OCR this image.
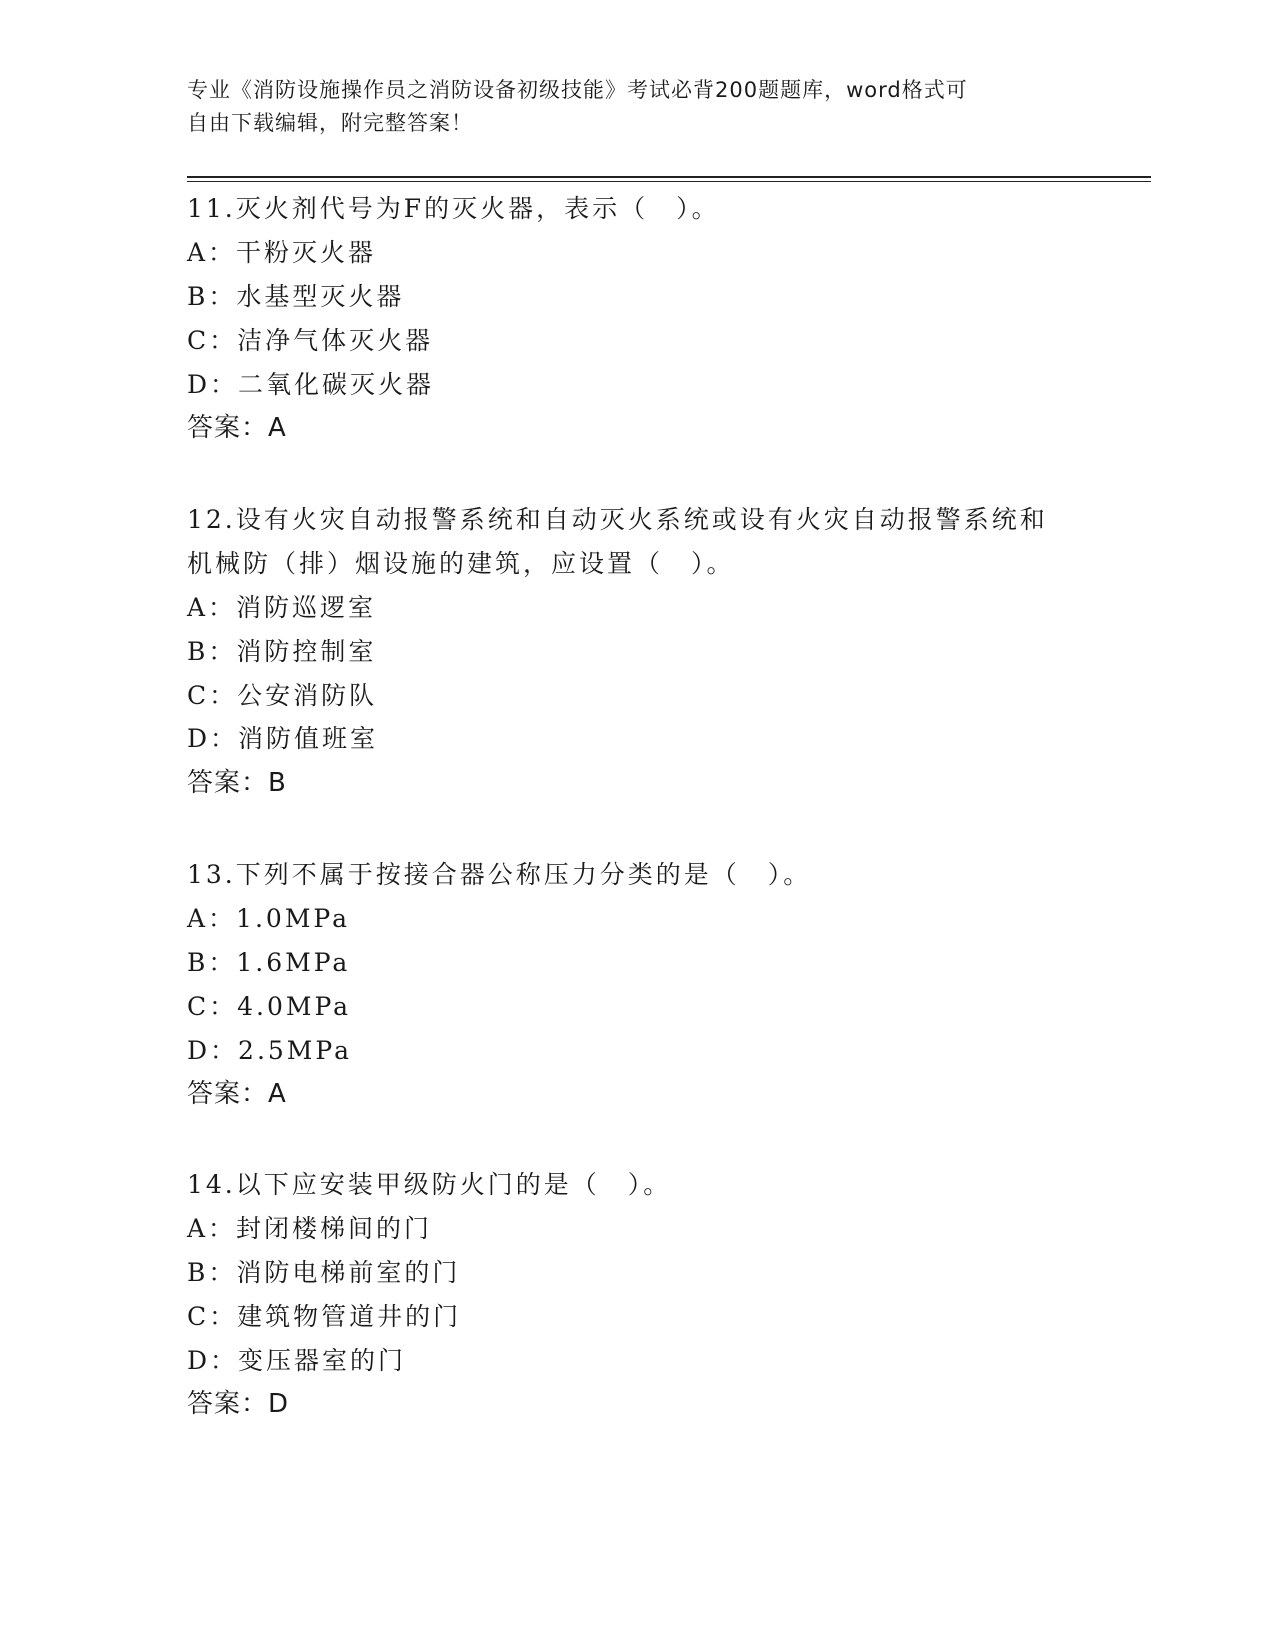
专业《消防设施操作员之消防设备初级技能》考试必背200题题库，word格式可
自由下载编辑，附完整答案！
11.灭火剂代号为F的灭火器，表示（　）。
A：干粉灭火器
B：水基型灭火器
C：洁净气体灭火器
D：二氧化碳灭火器
答案：A
12.设有火灾自动报警系统和自动灭火系统或设有火灾自动报警系统和
机械防（排）烟设施的建筑，应设置（　）。
A：消防巡逻室
B：消防控制室
C：公安消防队
D：消防值班室
答案：B
13.下列不属于按接合器公称压力分类的是（　）。
A：1.0MPa
B：1.6MPa
C：4.0MPa
D：2.5MPa
答案：A
14.以下应安装甲级防火门的是（　）。
A：封闭楼梯间的门
B：消防电梯前室的门
C：建筑物管道井的门
D：变压器室的门
答案：D
